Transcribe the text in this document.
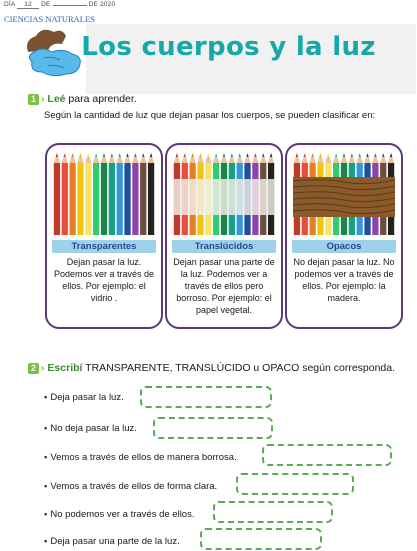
DÍA 12 DE	DE 2020
CIENCIAS NATURALES
Los cuerpos y la luz
1 › Leé para aprender.
Según la cantidad de luz que dejan pasar los cuerpos, se pueden clasificar en:
Transparentes
Dejan pasar la luz. Podemos ver a través de ellos. Por ejemplo: el vidrio .
Translúcidos
Dejan pasar una parte de la luz. Podemos ver a través de ellos pero borroso. Por ejemplo: el papel vegetal.
Opacos
No dejan pasar la luz. No podemos ver a través de ellos. Por ejemplo: la madera.
2 › Escribí TRANSPARENTE, TRANSLÚCIDO u OPACO según corresponda.
• Deja pasar la luz.
• No deja pasar la luz.
• Vemos a través de ellos de manera borrosa.
• Vemos a través de ellos de forma clara.
• No podemos ver a través de ellos.
• Deja pasar una parte de la luz.
